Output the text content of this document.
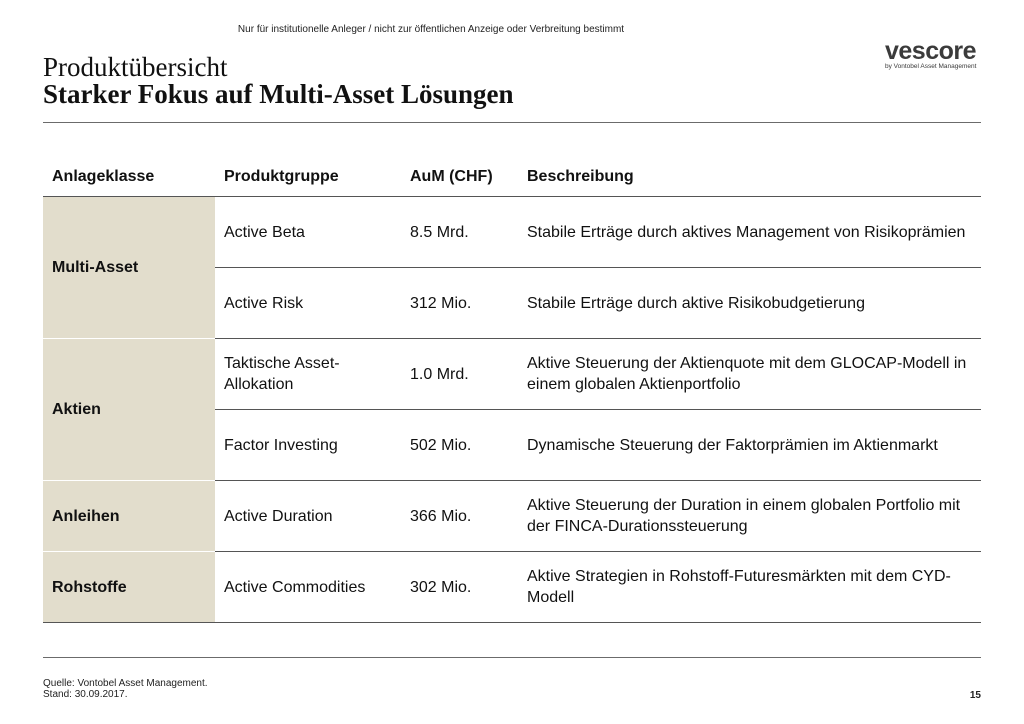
Nur für institutionelle Anleger / nicht zur öffentlichen Anzeige oder Verbreitung bestimmt
vescore
by Vontobel Asset Management
Produktübersicht
Starker Fokus auf Multi-Asset Lösungen
Anlageklasse	Produktgruppe	AuM (CHF)	Beschreibung
Multi-Asset	Active Beta	8.5 Mrd.	Stabile Erträge durch aktives Management von Risikoprämien
	Active Risk	312 Mio.	Stabile Erträge durch aktive Risikobudgetierung
Aktien	Taktische Asset-Allokation	1.0 Mrd.	Aktive Steuerung der Aktienquote mit dem GLOCAP-Modell in einem globalen Aktienportfolio
	Factor Investing	502 Mio.	Dynamische Steuerung der Faktorprämien im Aktienmarkt
Anleihen	Active Duration	366 Mio.	Aktive Steuerung der Duration in einem globalen Portfolio mit der FINCA-Durationssteuerung
Rohstoffe	Active Commodities	302 Mio.	Aktive Strategien in Rohstoff-Futuresmärkten mit dem CYD-Modell
Quelle: Vontobel Asset Management.
Stand: 30.09.2017.	15
